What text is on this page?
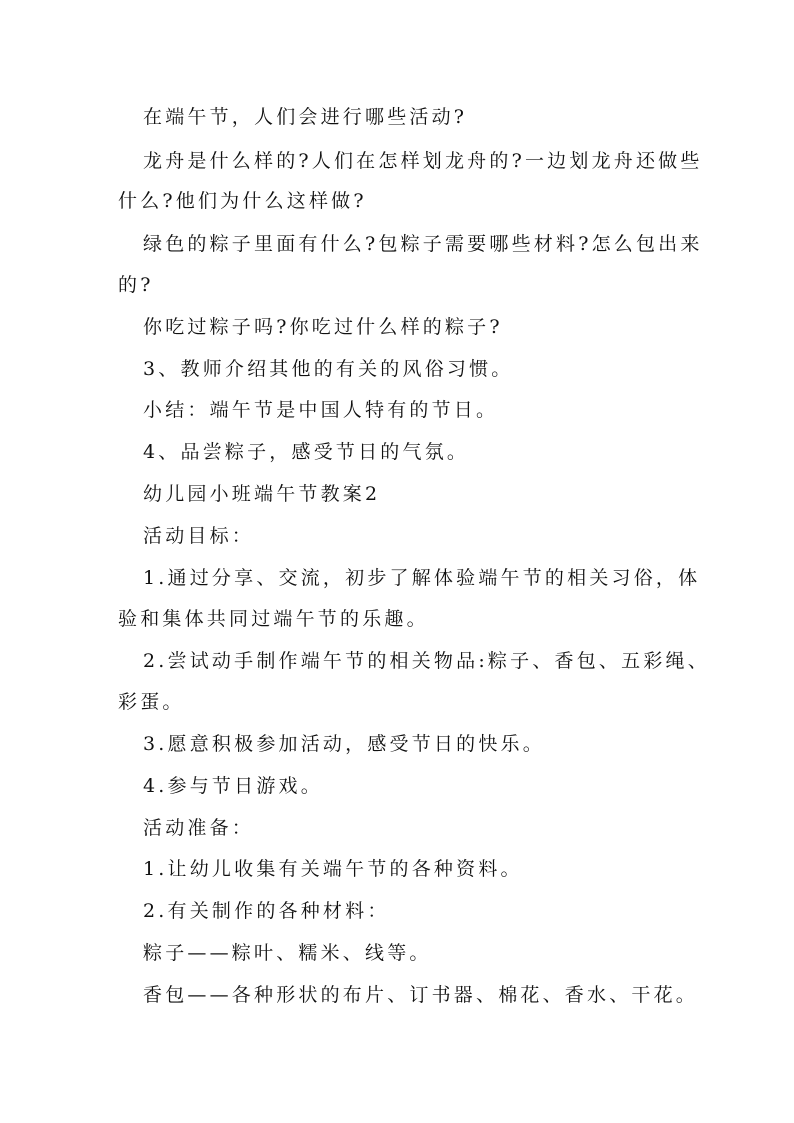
在端午节，人们会进行哪些活动?
龙舟是什么样的?人们在怎样划龙舟的?一边划龙舟还做些
什么?他们为什么这样做?
绿色的粽子里面有什么?包粽子需要哪些材料?怎么包出来
的?
你吃过粽子吗?你吃过什么样的粽子?
3、教师介绍其他的有关的风俗习惯。
小结：端午节是中国人特有的节日。
4、品尝粽子，感受节日的气氛。
幼儿园小班端午节教案2
活动目标：
1.通过分享、交流，初步了解体验端午节的相关习俗，体
验和集体共同过端午节的乐趣。
2.尝试动手制作端午节的相关物品:粽子、香包、五彩绳、
彩蛋。
3.愿意积极参加活动，感受节日的快乐。
4.参与节日游戏。
活动准备：
1.让幼儿收集有关端午节的各种资料。
2.有关制作的各种材料：
粽子——粽叶、糯米、线等。
香包——各种形状的布片、订书器、棉花、香水、干花。
